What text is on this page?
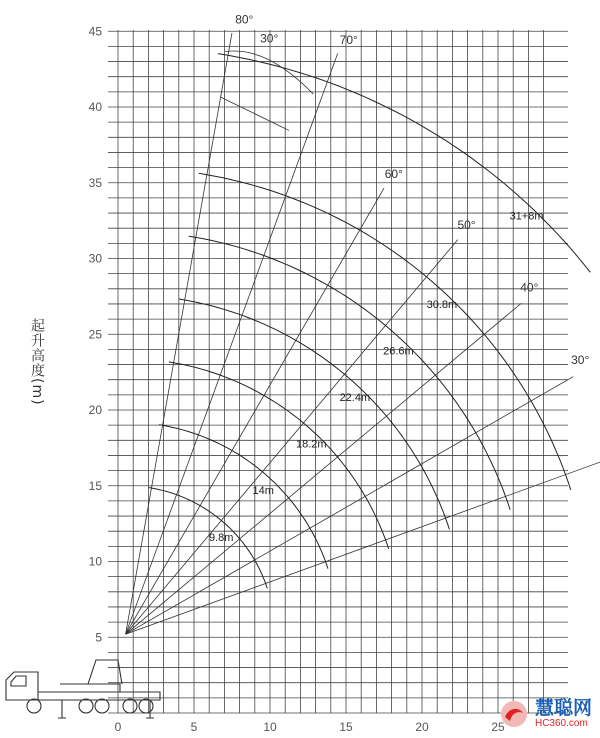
5
10
15
20
25
30
35
40
45
0	5	10	15	20	25
80°
70°
60°
50°
40°
30°
9.8m
14m
18.2m
22.4m
26.6m
30.8m
31+8m
30°
起升高度(m)
慧聪网
HC360.com
